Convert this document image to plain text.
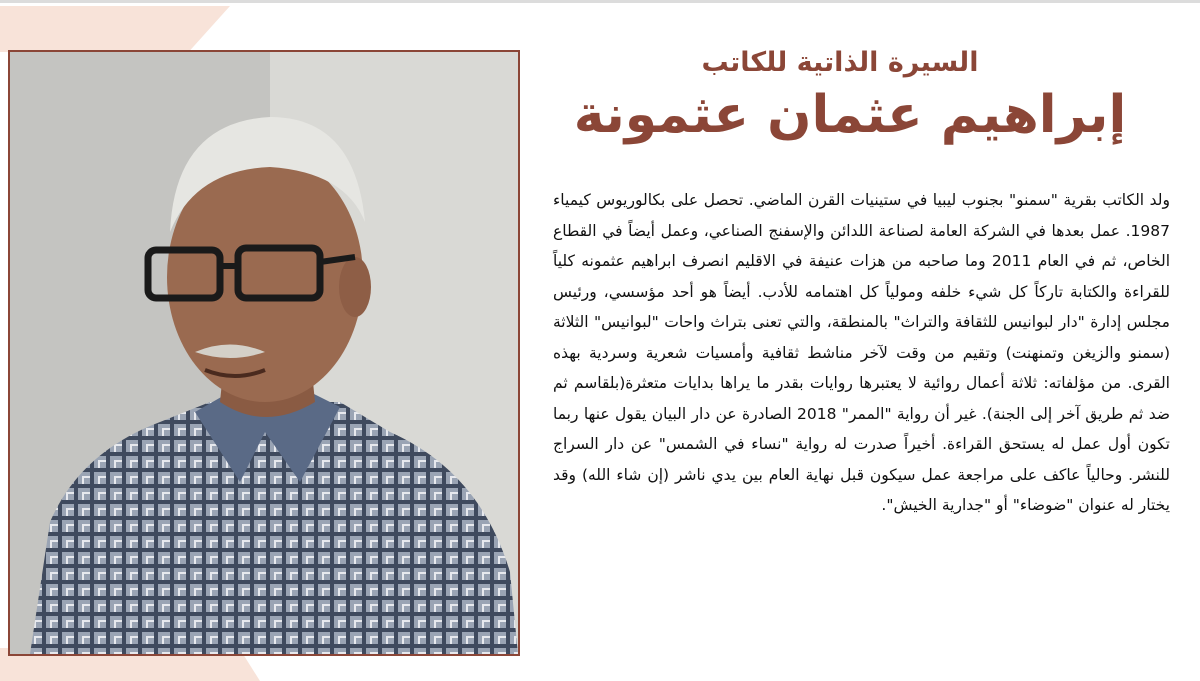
السيرة الذاتية للكاتب
إبراهيم عثمان عثمونة

ولد الكاتب بقرية "سمنو" بجنوب ليبيا في ستينيات القرن الماضي. تحصل على بكالوريوس كيمياء 1987. عمل بعدها في الشركة العامة لصناعة اللدائن والإسفنج الصناعي، وعمل أيضاً في القطاع الخاص، ثم في العام 2011 وما صاحبه من هزات عنيفة في الاقليم انصرف ابراهيم عثمونه كلياً للقراءة والكتابة تاركاً كل شيء خلفه ومولياً كل اهتمامه للأدب. أيضاً هو أحد مؤسسي، ورئيس مجلس إدارة "دار لبوانيس للثقافة والتراث" بالمنطقة، والتي تعنى بتراث واحات "لبوانيس" الثلاثة (سمنو والزيغن وتمنهنت) وتقيم من وقت لآخر مناشط ثقافية وأمسيات شعرية وسردية بهذه القرى. من مؤلفاته: ثلاثة أعمال روائية لا يعتبرها روايات بقدر ما يراها بدايات متعثرة(بلقاسم ثم ضد ثم طريق آخر إلى الجنة). غير أن رواية "الممر" 2018 الصادرة عن دار البيان يقول عنها ربما تكون أول عمل له يستحق القراءة. أخيراً صدرت له رواية "نساء في الشمس" عن دار السراج للنشر. وحالياً عاكف على مراجعة عمل سيكون قبل نهاية العام بين يدي ناشر (إن شاء الله) وقد يختار له عنوان "ضوضاء" أو "جدارية الخيش".
